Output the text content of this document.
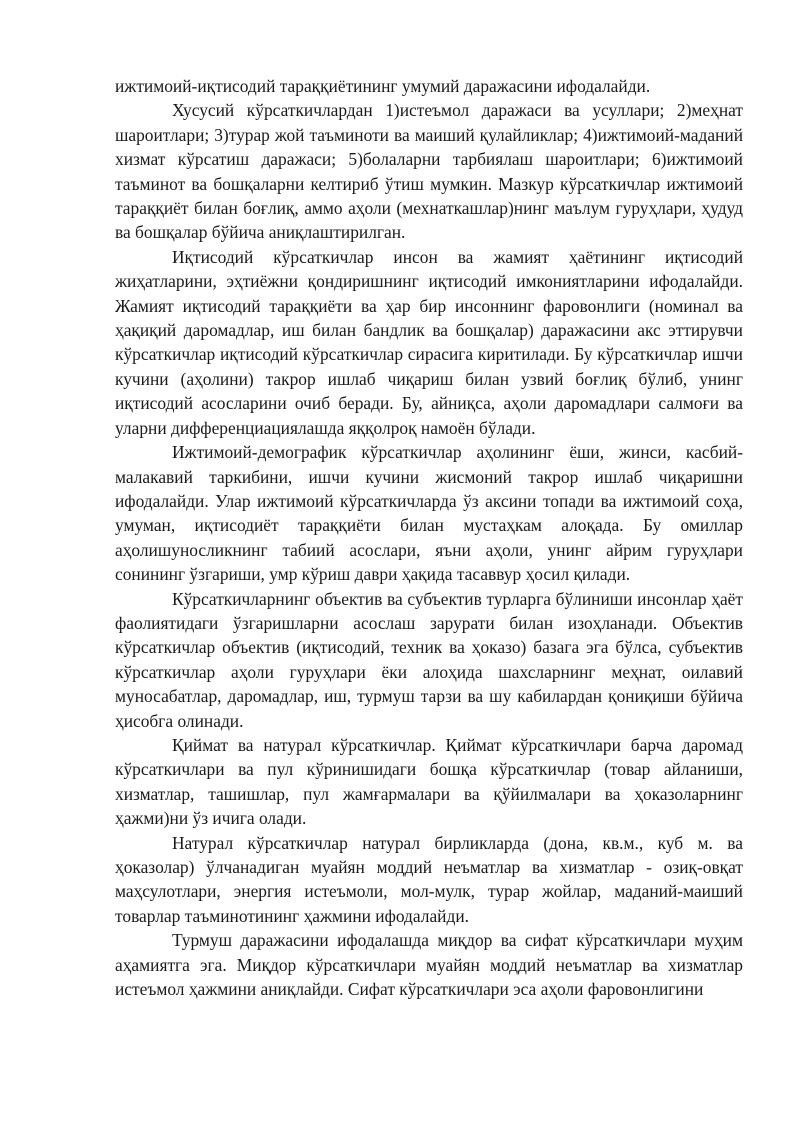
ижтимоий-иқтисодий тараққиётининг умумий даражасини ифодалайди.

Хусусий кўрсаткичлардан 1)истеъмол даражаси ва усуллари; 2)меҳнат шароитлари; 3)турар жой таъминоти ва маиший қулайликлар; 4)ижтимоий-маданий хизмат кўрсатиш даражаси; 5)болаларни тарбиялаш шароитлари; 6)ижтимоий таъминот ва бошқаларни келтириб ўтиш мумкин. Мазкур кўрсаткичлар ижтимоий тараққиёт билан боғлиқ, аммо аҳоли (мехнаткашлар)нинг маълум гуруҳлари, ҳудуд ва бошқалар бўйича аниқлаштирилган.

Иқтисодий кўрсаткичлар инсон ва жамият ҳаётининг иқтисодий жиҳатларини, эҳтиёжни қондиришнинг иқтисодий имкониятларини ифодалайди. Жамият иқтисодий тараққиёти ва ҳар бир инсоннинг фаровонлиги (номинал ва ҳақиқий даромадлар, иш билан бандлик ва бошқалар) даражасини акс эттирувчи кўрсаткичлар иқтисодий кўрсаткичлар сирасига киритилади. Бу кўрсаткичлар ишчи кучини (аҳолини) такрор ишлаб чиқариш билан узвий боғлиқ бўлиб, унинг иқтисодий асосларини очиб беради. Бу, айниқса, аҳоли даромадлари салмоғи ва уларни дифференциациялашда яққолроқ намоён бўлади.

Ижтимоий-демографик кўрсаткичлар аҳолининг ёши, жинси, касбий-малакавий таркибини, ишчи кучини жисмоний такрор ишлаб чиқаришни ифодалайди. Улар ижтимоий кўрсаткичларда ўз аксини топади ва ижтимоий соҳа, умуман, иқтисодиёт тараққиёти билан мустаҳкам алоқада. Бу омиллар аҳолишуносликнинг табиий асослари, яъни аҳоли, унинг айрим гуруҳлари сонининг ўзгариши, умр кўриш даври ҳақида тасаввур ҳосил қилади.

Кўрсаткичларнинг объектив ва субъектив турларга бўлиниши инсонлар ҳаёт фаолиятидаги ўзгаришларни асослаш зарурати билан изоҳланади. Объектив кўрсаткичлар объектив (иқтисодий, техник ва ҳоказо) базага эга бўлса, субъектив кўрсаткичлар аҳоли гуруҳлари ёки алоҳида шахсларнинг меҳнат, оилавий муносабатлар, даромадлар, иш, турмуш тарзи ва шу кабилардан қониқиши бўйича ҳисобга олинади.

Қиймат ва натурал кўрсаткичлар. Қиймат кўрсаткичлари барча даромад кўрсаткичлари ва пул кўринишидаги бошқа кўрсаткичлар (товар айланиши, хизматлар, ташишлар, пул жамғармалари ва қўйилмалари ва ҳоказоларнинг ҳажми)ни ўз ичига олади.

Натурал кўрсаткичлар натурал бирликларда (дона, кв.м., куб м. ва ҳоказолар) ўлчанадиган муайян моддий неъматлар ва хизматлар - озиқ-овқат маҳсулотлари, энергия истеъмоли, мол-мулк, турар жойлар, маданий-маиший товарлар таъминотининг ҳажмини ифодалайди.

Турмуш даражасини ифодалашда миқдор ва сифат кўрсаткичлари муҳим аҳамиятга эга. Миқдор кўрсаткичлари муайян моддий неъматлар ва хизматлар истеъмол ҳажмини аниқлайди. Сифат кўрсаткичлари эса аҳоли фаровонлигини
